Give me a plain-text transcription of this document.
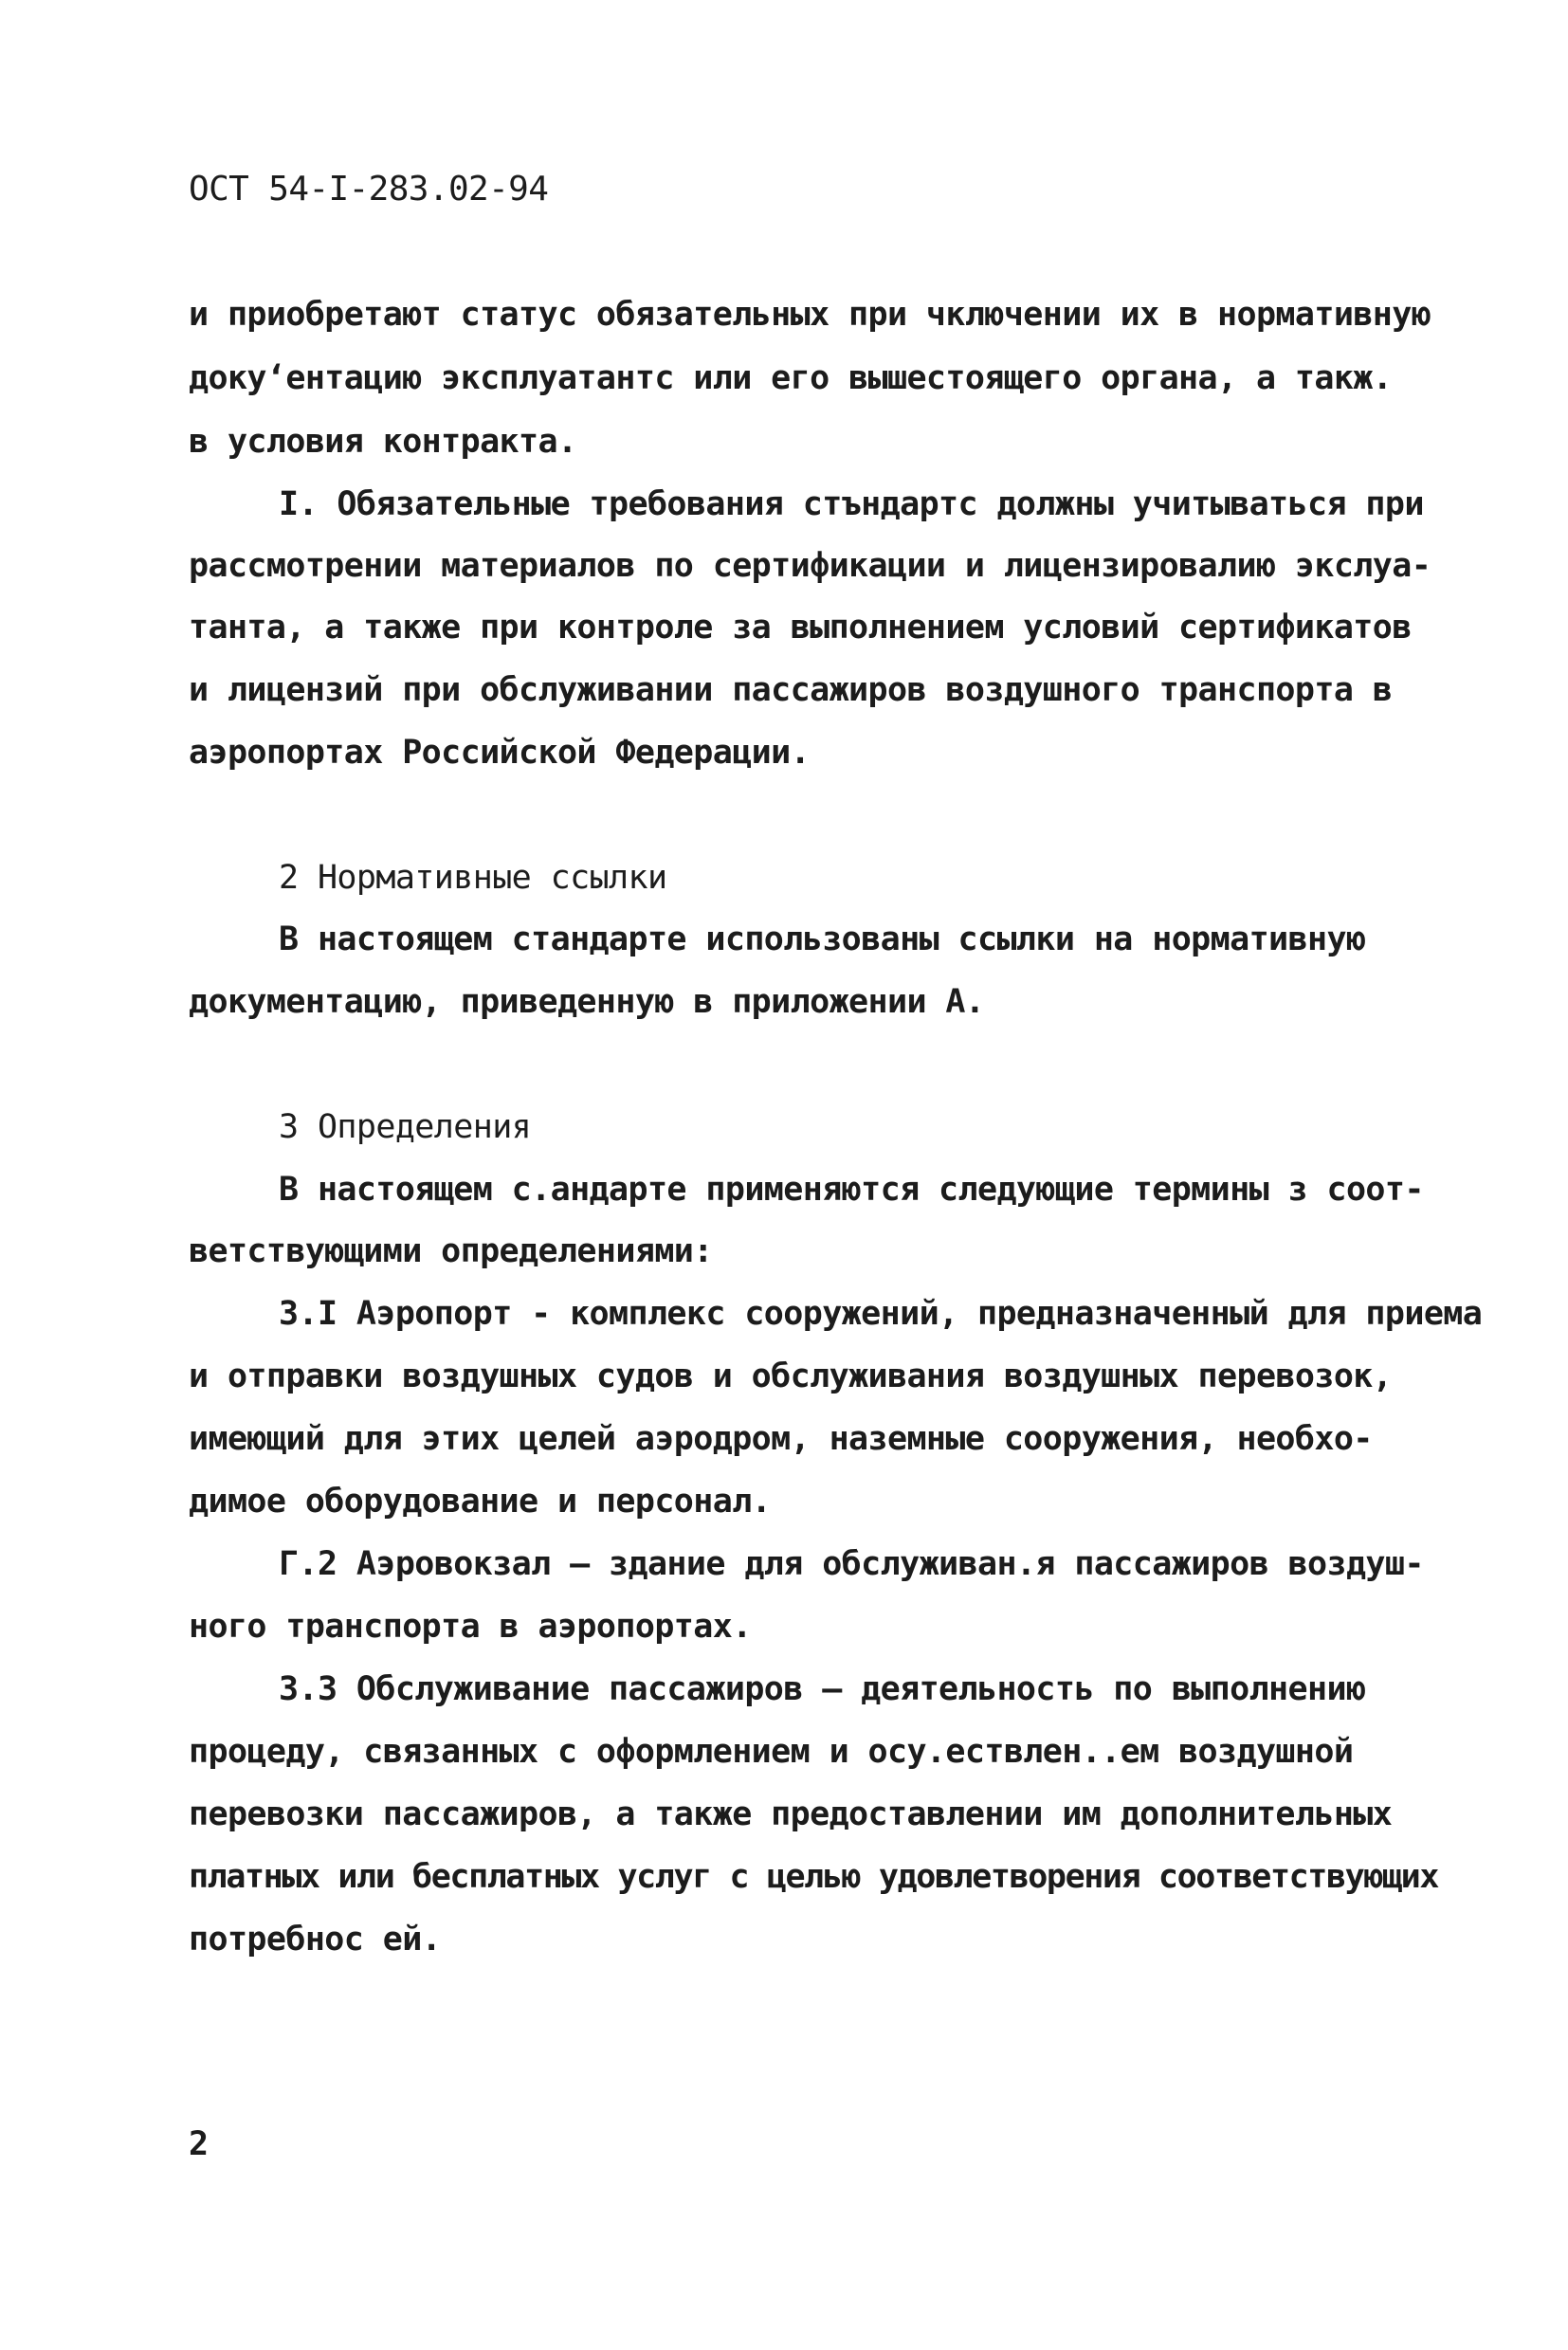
ОСТ 54-I-283.02-94
и приобретают статус обязательных при чключении их в нормативную
доку‘ентацию эксплуатантс или его вышестоящего органа, а такж.
в условия контракта.
I. Обязательные требования стъндартс должны учитываться при
рассмотрении материалов по сертификации и лицензировалию экслуа-
танта, а также при контроле за выполнением условий сертификатов
и лицензий при обслуживании пассажиров воздушного транспорта в
аэропортах Российской Федерации.
2 Нормативные ссылки
В настоящем стандарте использованы ссылки на нормативную
документацию, приведенную в приложении А.
3 Определения
В настоящем с.андарте применяются следующие термины з соот-
ветствующими определениями:
3.I Аэропорт - комплекс сооружений, предназначенный для приема
и отправки воздушных судов и обслуживания воздушных перевозок,
имеющий для этих целей аэродром, наземные сооружения, необхо-
димое оборудование и персонал.
Г.2 Аэровокзал – здание для обслуживан.я пассажиров воздуш-
ного транспорта в аэропортах.
3.3 Обслуживание пассажиров – деятельность по выполнению
процеду, связанных с оформлением и осу.ествлен..ем воздушной
перевозки пассажиров, а также предоставлении им дополнительных
платных или бесплатных услуг с целью удовлетворения соответствующих
потребнос ей.
2
